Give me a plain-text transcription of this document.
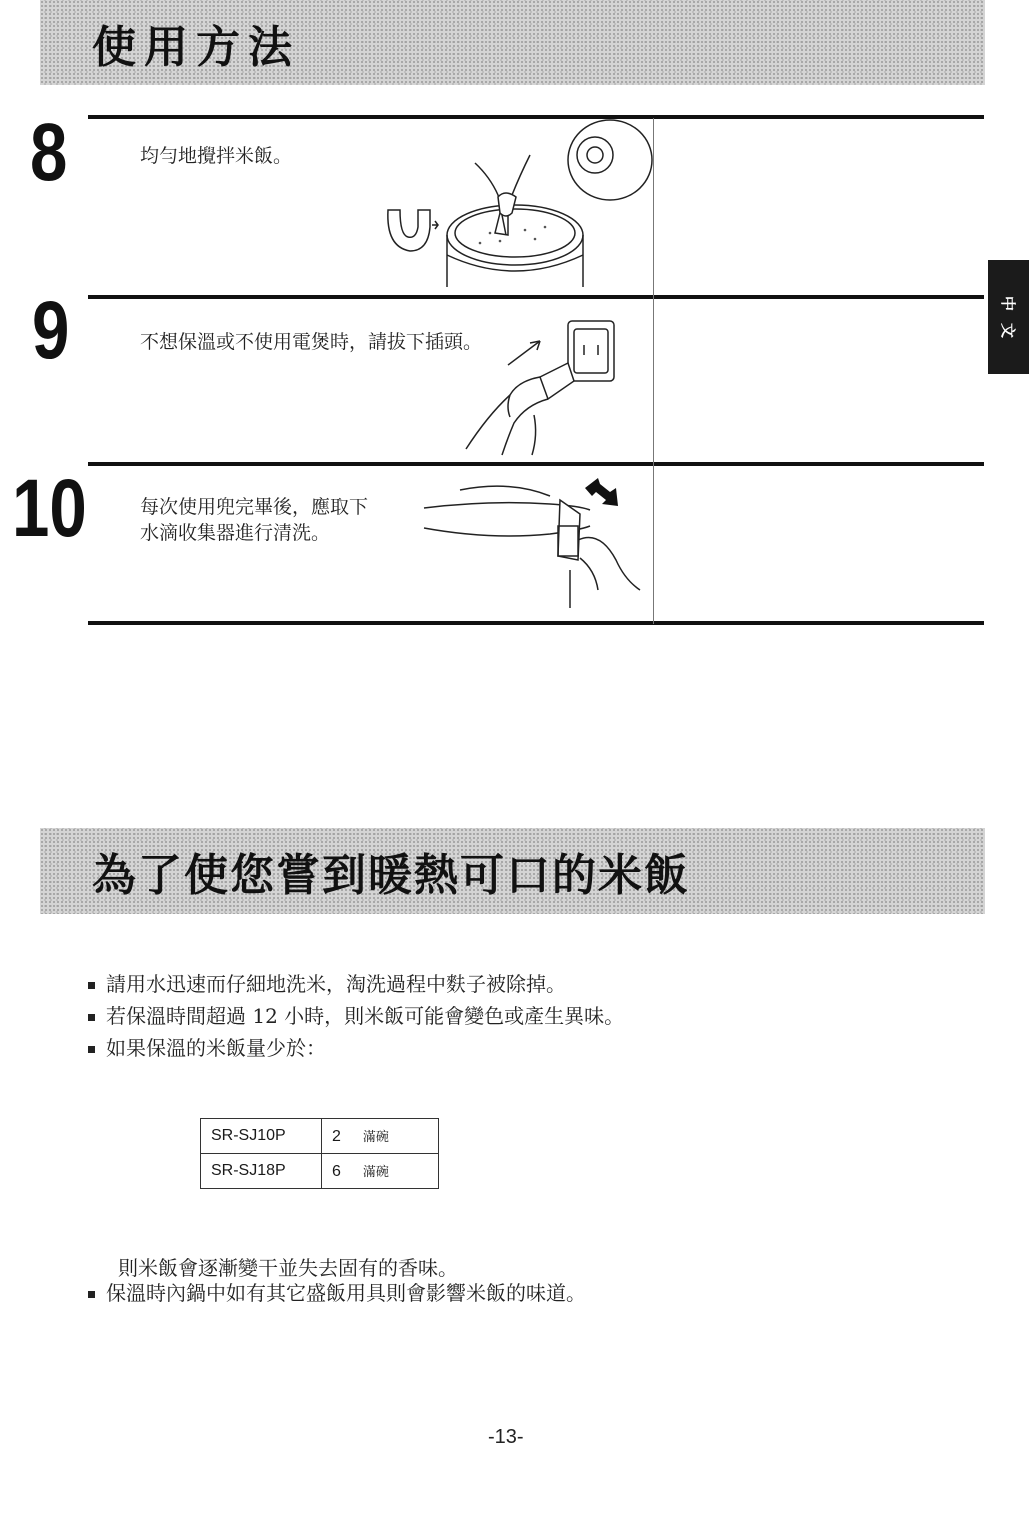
使用方法
中
文
8	均勻地攪拌米飯。
9	不想保溫或不使用電煲時，請拔下插頭。
10	每次使用兜完畢後，應取下
水滴收集器進行清洗。
為了使您嘗到暖熱可口的米飯
請用水迅速而仔細地洗米，淘洗過程中麩子被除掉。
若保溫時間超過 12 小時，則米飯可能會變色或產生異味。
如果保溫的米飯量少於：
SR-SJ10P	2 滿碗
SR-SJ18P	6 滿碗
則米飯會逐漸變干並失去固有的香味。
保溫時內鍋中如有其它盛飯用具則會影響米飯的味道。
-13-
